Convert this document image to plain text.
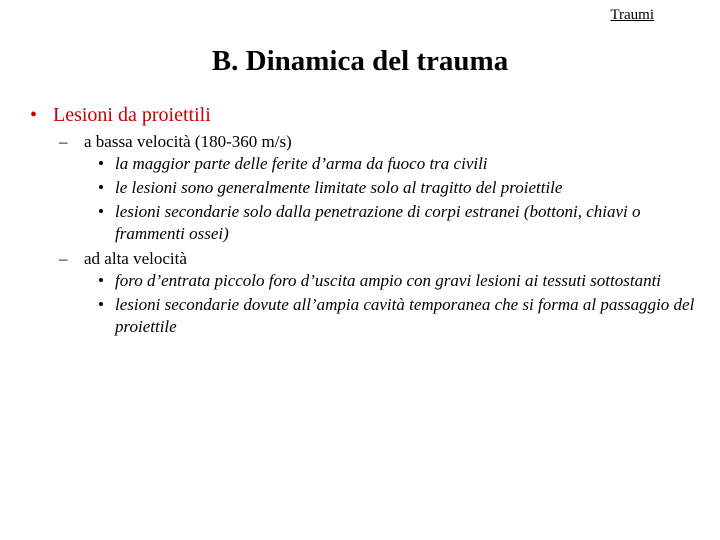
Traumi
B. Dinamica del trauma
• Lesioni da proiettili
– a bassa velocità (180-360 m/s)
• la maggior parte delle ferite d’arma da fuoco tra civili
• le lesioni sono generalmente limitate solo al tragitto del proiettile
• lesioni secondarie solo dalla penetrazione di corpi estranei (bottoni, chiavi o frammenti ossei)
– ad alta velocità
• foro d’entrata piccolo foro d’uscita ampio con gravi lesioni ai tessuti sottostanti
• lesioni secondarie dovute all’ampia cavità temporanea che si forma al passaggio del proiettile
